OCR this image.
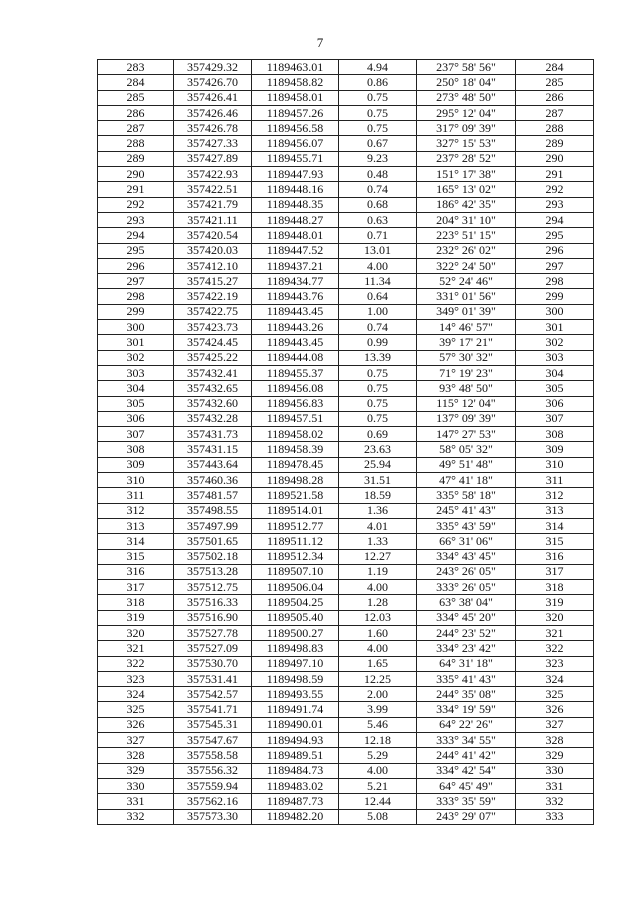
7
283	357429.32	1189463.01	4.94	237° 58' 56"	284
284	357426.70	1189458.82	0.86	250° 18' 04"	285
285	357426.41	1189458.01	0.75	273° 48' 50"	286
286	357426.46	1189457.26	0.75	295° 12' 04"	287
287	357426.78	1189456.58	0.75	317° 09' 39"	288
288	357427.33	1189456.07	0.67	327° 15' 53"	289
289	357427.89	1189455.71	9.23	237° 28' 52"	290
290	357422.93	1189447.93	0.48	151° 17' 38"	291
291	357422.51	1189448.16	0.74	165° 13' 02"	292
292	357421.79	1189448.35	0.68	186° 42' 35"	293
293	357421.11	1189448.27	0.63	204° 31' 10"	294
294	357420.54	1189448.01	0.71	223° 51' 15"	295
295	357420.03	1189447.52	13.01	232° 26' 02"	296
296	357412.10	1189437.21	4.00	322° 24' 50"	297
297	357415.27	1189434.77	11.34	52° 24' 46"	298
298	357422.19	1189443.76	0.64	331° 01' 56"	299
299	357422.75	1189443.45	1.00	349° 01' 39"	300
300	357423.73	1189443.26	0.74	14° 46' 57"	301
301	357424.45	1189443.45	0.99	39° 17' 21"	302
302	357425.22	1189444.08	13.39	57° 30' 32"	303
303	357432.41	1189455.37	0.75	71° 19' 23"	304
304	357432.65	1189456.08	0.75	93° 48' 50"	305
305	357432.60	1189456.83	0.75	115° 12' 04"	306
306	357432.28	1189457.51	0.75	137° 09' 39"	307
307	357431.73	1189458.02	0.69	147° 27' 53"	308
308	357431.15	1189458.39	23.63	58° 05' 32"	309
309	357443.64	1189478.45	25.94	49° 51' 48"	310
310	357460.36	1189498.28	31.51	47° 41' 18"	311
311	357481.57	1189521.58	18.59	335° 58' 18"	312
312	357498.55	1189514.01	1.36	245° 41' 43"	313
313	357497.99	1189512.77	4.01	335° 43' 59"	314
314	357501.65	1189511.12	1.33	66° 31' 06"	315
315	357502.18	1189512.34	12.27	334° 43' 45"	316
316	357513.28	1189507.10	1.19	243° 26' 05"	317
317	357512.75	1189506.04	4.00	333° 26' 05"	318
318	357516.33	1189504.25	1.28	63° 38' 04"	319
319	357516.90	1189505.40	12.03	334° 45' 20"	320
320	357527.78	1189500.27	1.60	244° 23' 52"	321
321	357527.09	1189498.83	4.00	334° 23' 42"	322
322	357530.70	1189497.10	1.65	64° 31' 18"	323
323	357531.41	1189498.59	12.25	335° 41' 43"	324
324	357542.57	1189493.55	2.00	244° 35' 08"	325
325	357541.71	1189491.74	3.99	334° 19' 59"	326
326	357545.31	1189490.01	5.46	64° 22' 26"	327
327	357547.67	1189494.93	12.18	333° 34' 55"	328
328	357558.58	1189489.51	5.29	244° 41' 42"	329
329	357556.32	1189484.73	4.00	334° 42' 54"	330
330	357559.94	1189483.02	5.21	64° 45' 49"	331
331	357562.16	1189487.73	12.44	333° 35' 59"	332
332	357573.30	1189482.20	5.08	243° 29' 07"	333
